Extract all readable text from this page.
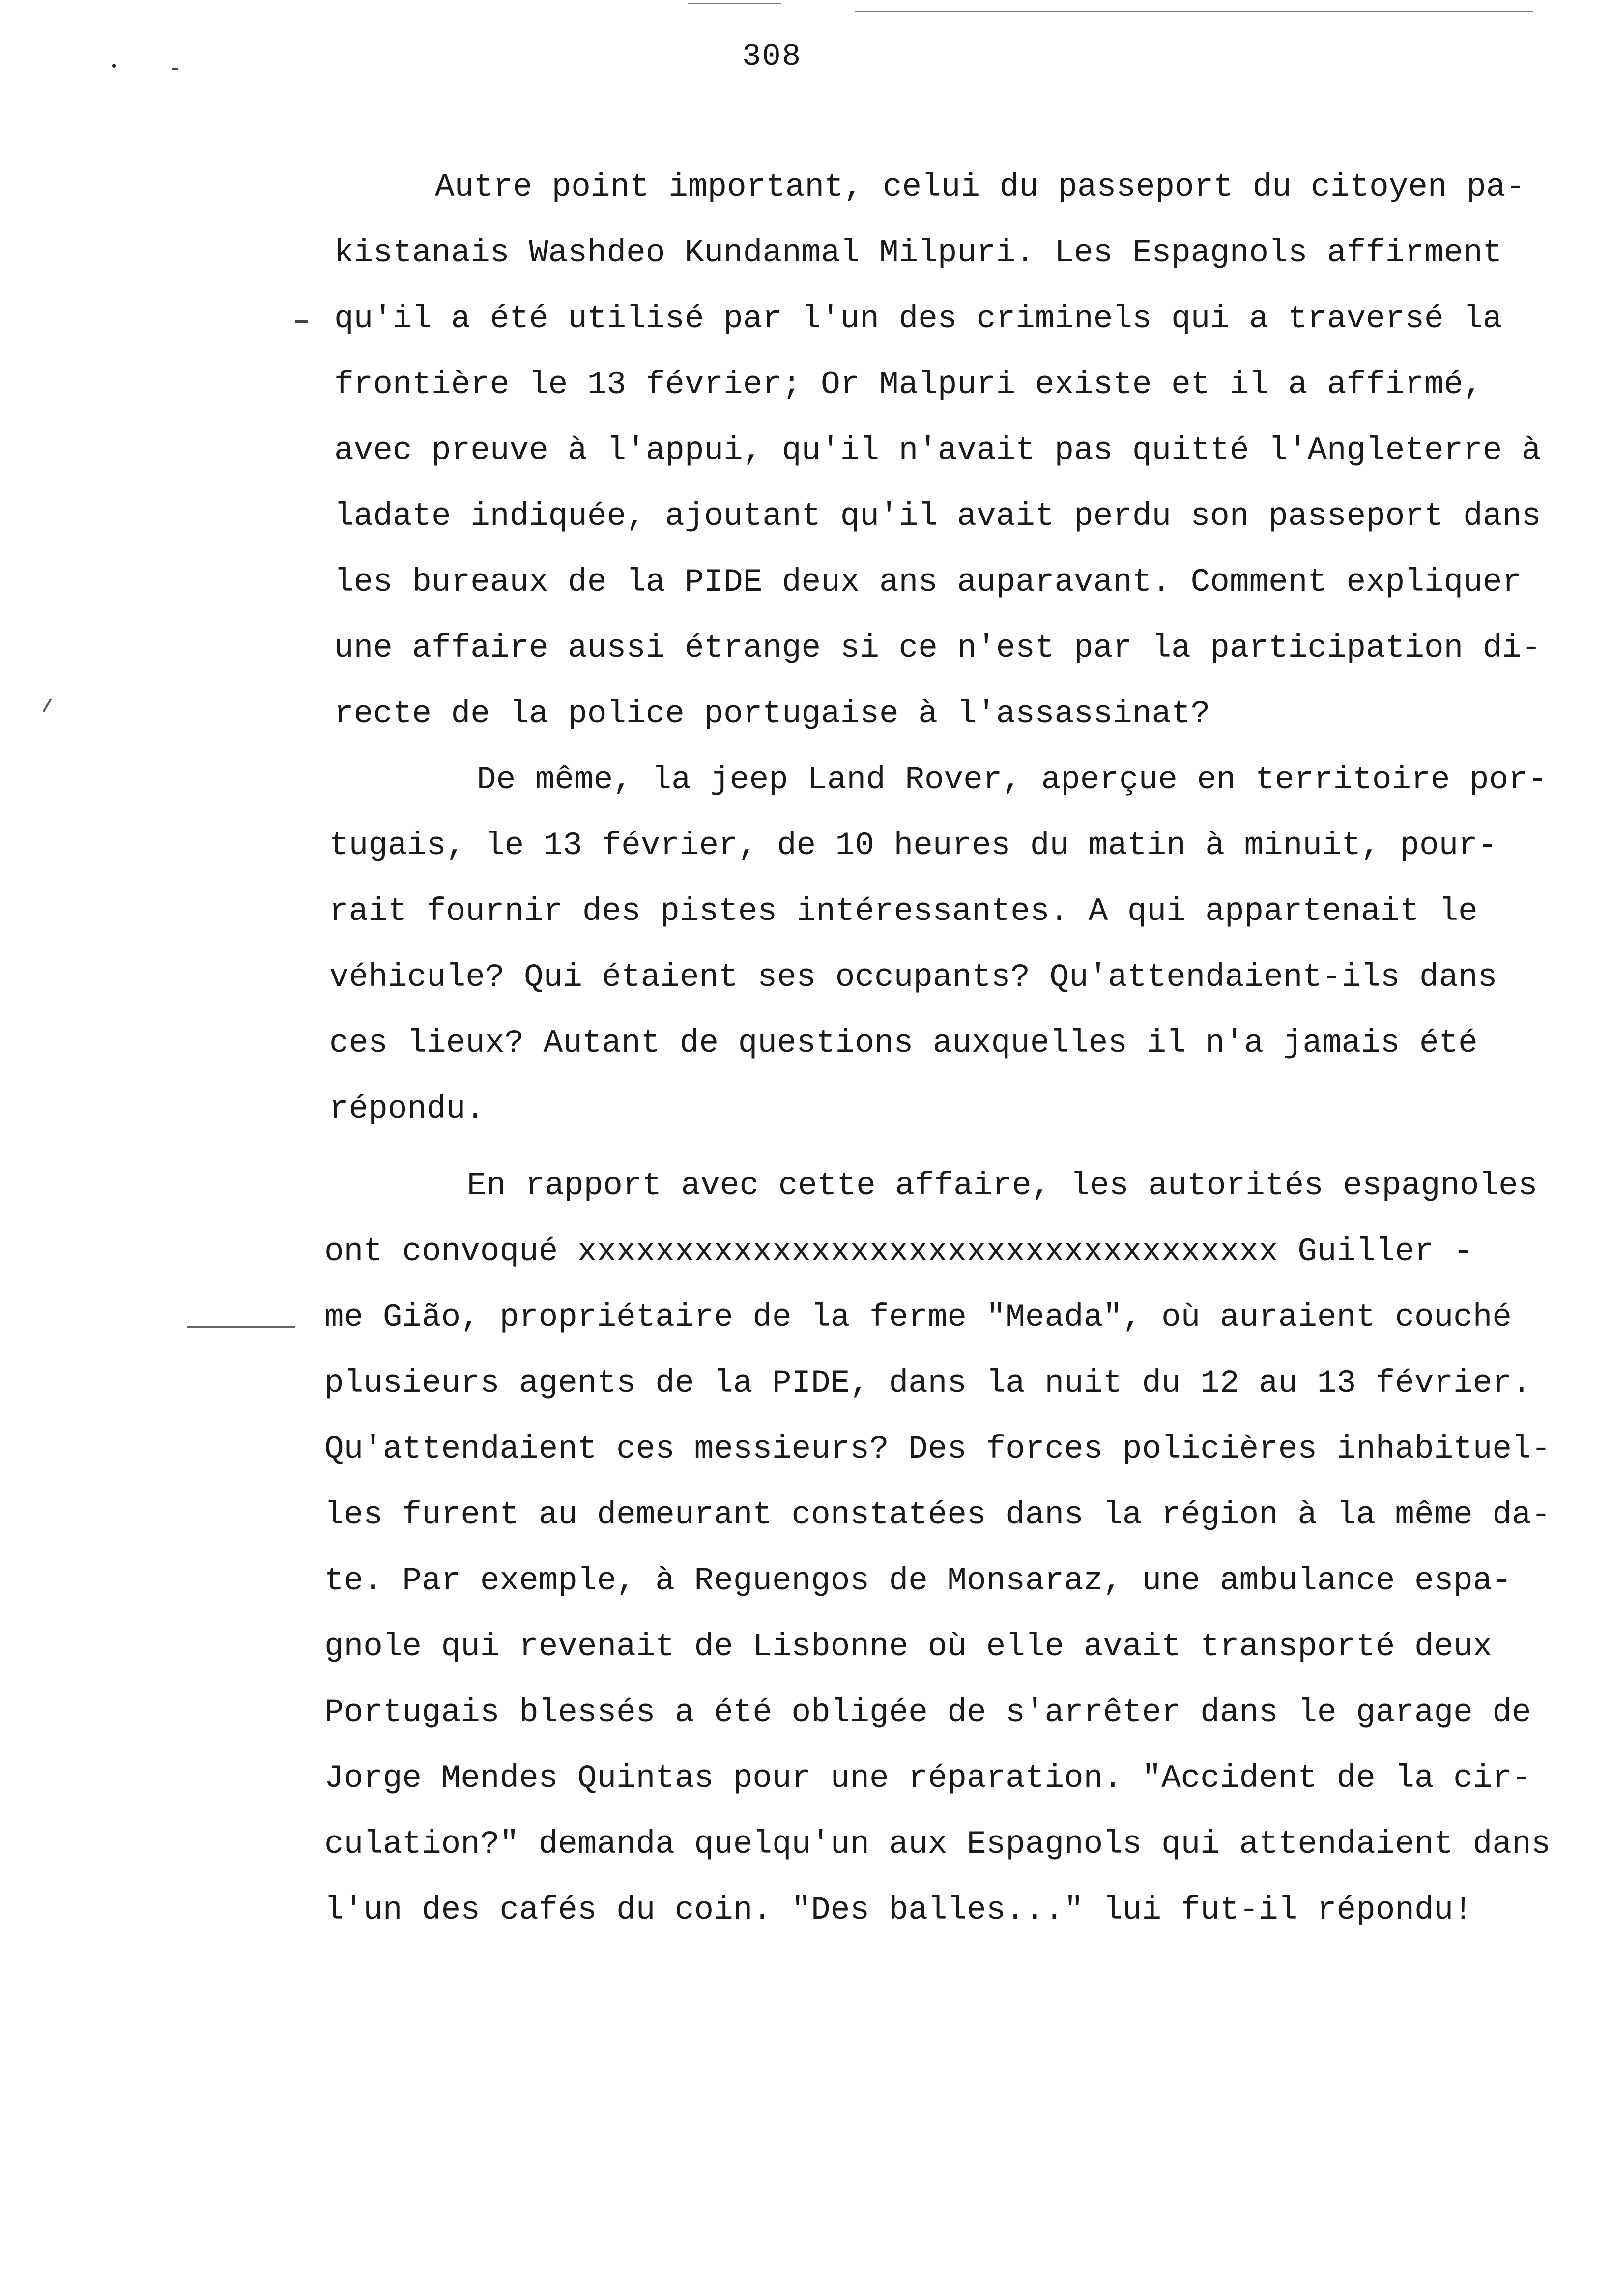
308
Autre point important, celui du passeport du citoyen pa-
kistanais Washdeo Kundanmal Milpuri. Les Espagnols affirment
qu'il a été utilisé par l'un des criminels qui a traversé la
frontière le 13 février; Or Malpuri existe et il a affirmé,
avec preuve à l'appui, qu'il n'avait pas quitté l'Angleterre à
ladate indiquée, ajoutant qu'il avait perdu son passeport dans
les bureaux de la PIDE deux ans auparavant. Comment expliquer
une affaire aussi étrange si ce n'est par la participation di-
recte de la police portugaise à l'assassinat?
De même, la jeep Land Rover, aperçue en territoire por-
tugais, le 13 février, de 10 heures du matin à minuit, pour-
rait fournir des pistes intéressantes. A qui appartenait le
véhicule? Qui étaient ses occupants? Qu'attendaient-ils dans
ces lieux? Autant de questions auxquelles il n'a jamais été
répondu.
En rapport avec cette affaire, les autorités espagnoles
ont convoqué xxxxxxxxxxxxxxxxxxxxxxxxxxxxxxxxxxxx Guiller -
me Gião, propriétaire de la ferme "Meada", où auraient couché
plusieurs agents de la PIDE, dans la nuit du 12 au 13 février.
Qu'attendaient ces messieurs? Des forces policières inhabituel-
les furent au demeurant constatées dans la région à la même da-
te. Par exemple, à Reguengos de Monsaraz, une ambulance espa-
gnole qui revenait de Lisbonne où elle avait transporté deux
Portugais blessés a été obligée de s'arrêter dans le garage de
Jorge Mendes Quintas pour une réparation. "Accident de la cir-
culation?" demanda quelqu'un aux Espagnols qui attendaient dans
l'un des cafés du coin. "Des balles..." lui fut-il répondu!
